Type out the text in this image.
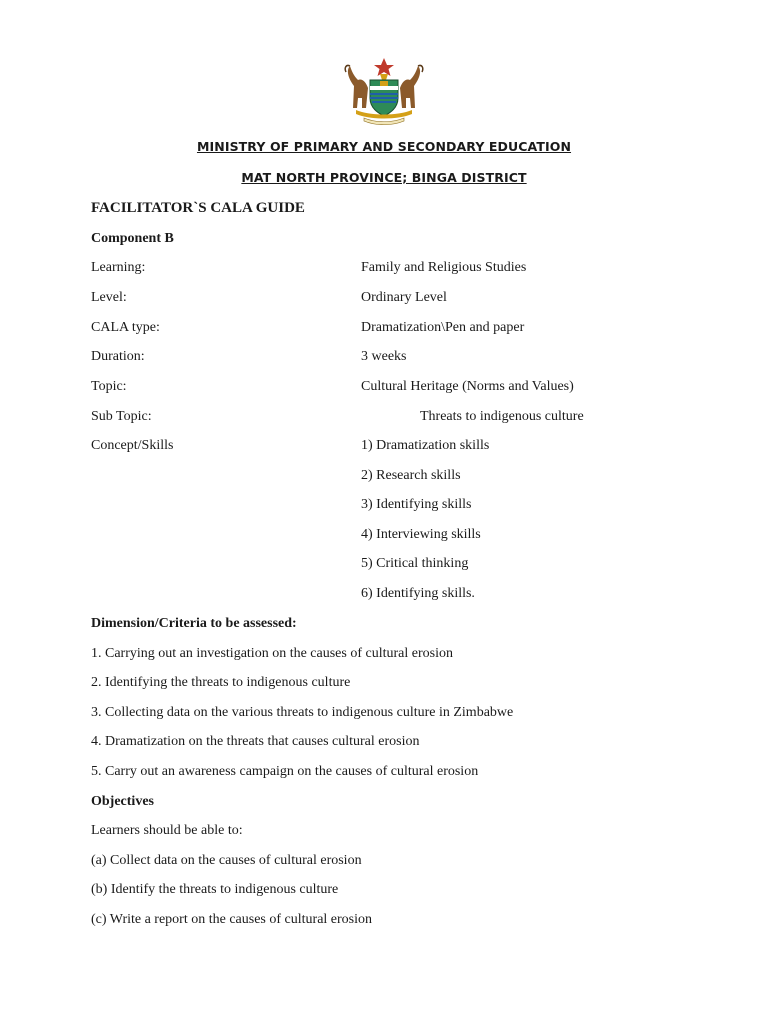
MINISTRY OF PRIMARY AND SECONDARY EDUCATION
MAT NORTH PROVINCE; BINGA DISTRICT
FACILITATOR`S CALA GUIDE
Component B
Learning:	Family and Religious Studies
Level:	Ordinary Level
CALA type:	Dramatization\Pen and paper
Duration:	3 weeks
Topic:	Cultural Heritage (Norms and Values)
Sub Topic:	Threats to indigenous culture
Concept/Skills	1) Dramatization skills
2) Research skills
3) Identifying skills
4) Interviewing skills
5) Critical thinking
6) Identifying skills.
Dimension/Criteria to be assessed:
1. Carrying out an investigation on the causes of cultural erosion
2. Identifying the threats to indigenous culture
3. Collecting data on the various threats to indigenous culture in Zimbabwe
4. Dramatization on the threats that causes cultural erosion
5. Carry out an awareness campaign on the causes of cultural erosion
Objectives
Learners should be able to:
(a) Collect data on the causes of cultural erosion
(b) Identify the threats to indigenous culture
(c) Write a report on the causes of cultural erosion
